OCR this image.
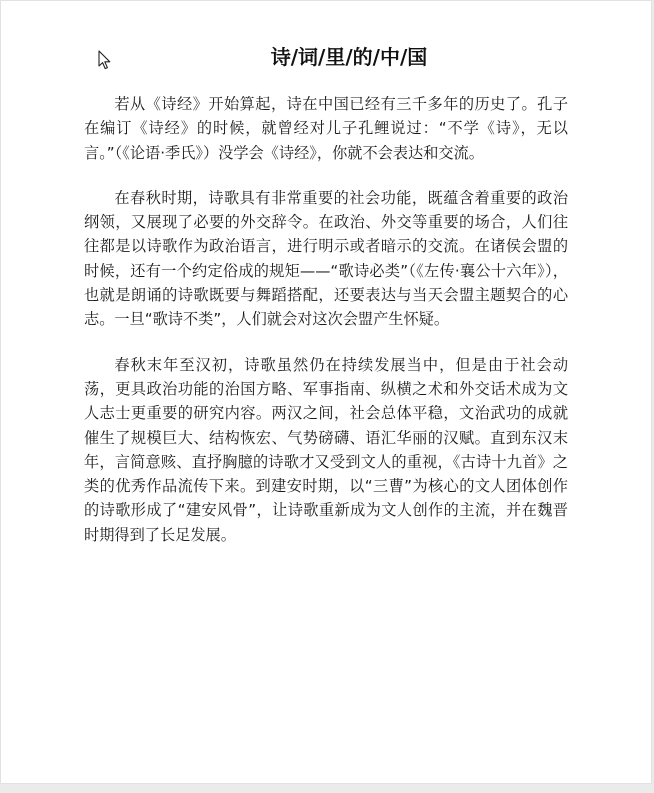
诗/词/里/的/中/国

若从《诗经》开始算起，诗在中国已经有三千多年的历史了。孔子在编订《诗经》的时候，就曾经对儿子孔鲤说过：“不学《诗》，无以言。”（《论语·季氏》）没学会《诗经》，你就不会表达和交流。

在春秋时期，诗歌具有非常重要的社会功能，既蕴含着重要的政治纲领，又展现了必要的外交辞令。在政治、外交等重要的场合，人们往往都是以诗歌作为政治语言，进行明示或者暗示的交流。在诸侯会盟的时候，还有一个约定俗成的规矩——“歌诗必类”（《左传·襄公十六年》），也就是朗诵的诗歌既要与舞蹈搭配，还要表达与当天会盟主题契合的心志。一旦“歌诗不类”，人们就会对这次会盟产生怀疑。

春秋末年至汉初，诗歌虽然仍在持续发展当中，但是由于社会动荡，更具政治功能的治国方略、军事指南、纵横之术和外交话术成为文人志士更重要的研究内容。两汉之间，社会总体平稳，文治武功的成就催生了规模巨大、结构恢宏、气势磅礴、语汇华丽的汉赋。直到东汉末年，言简意赅、直抒胸臆的诗歌才又受到文人的重视，《古诗十九首》之类的优秀作品流传下来。到建安时期，以“三曹”为核心的文人团体创作的诗歌形成了“建安风骨”，让诗歌重新成为文人创作的主流，并在魏晋时期得到了长足发展。
